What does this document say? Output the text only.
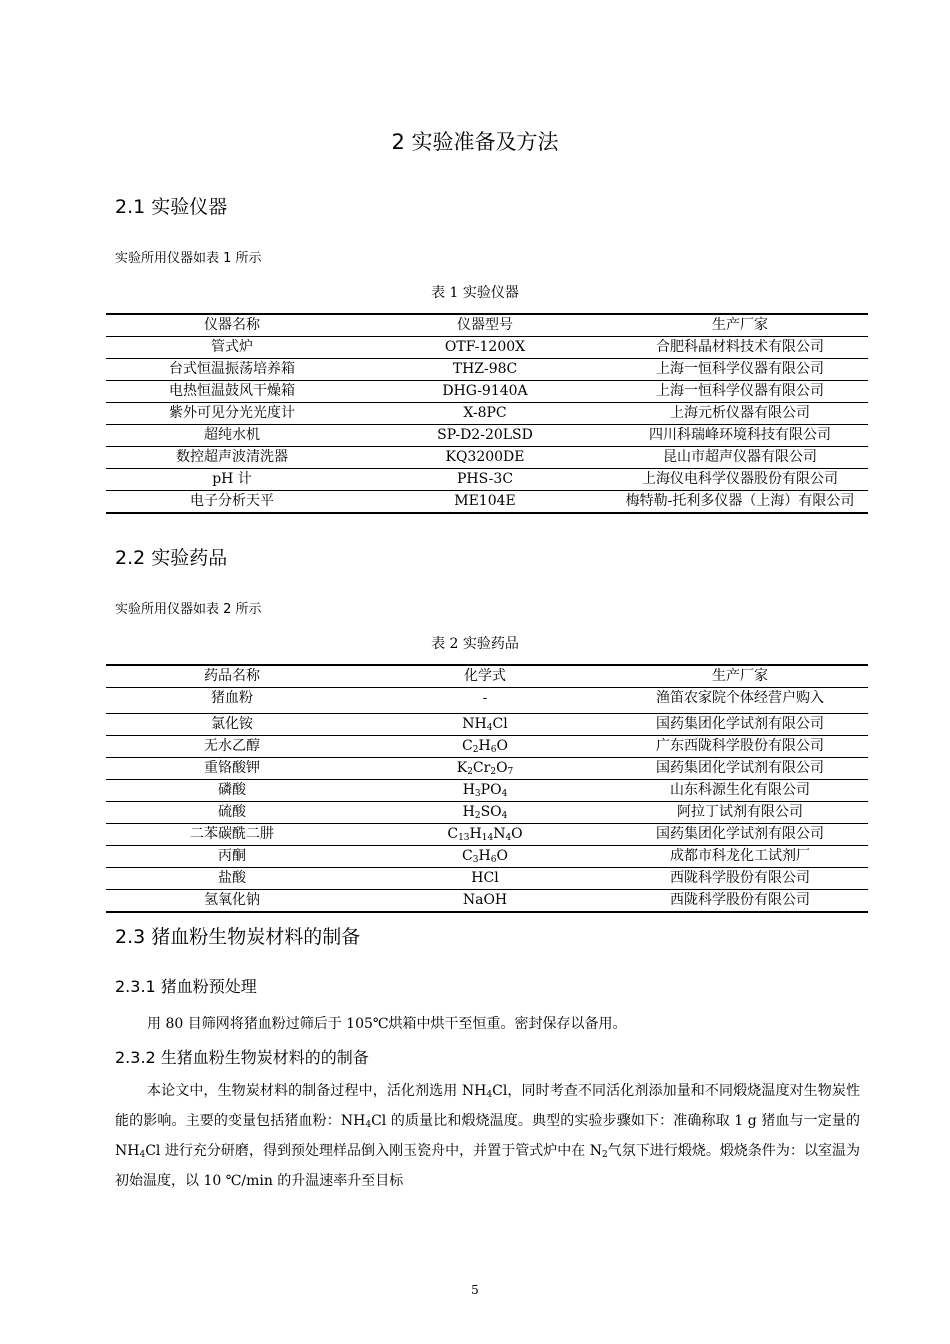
2 实验准备及方法
2.1 实验仪器
实验所用仪器如表 1 所示
表 1 实验仪器
仪器名称	仪器型号	生产厂家
管式炉	OTF-1200X	合肥科晶材料技术有限公司
台式恒温振荡培养箱	THZ-98C	上海一恒科学仪器有限公司
电热恒温鼓风干燥箱	DHG-9140A	上海一恒科学仪器有限公司
紫外可见分光光度计	X-8PC	上海元析仪器有限公司
超纯水机	SP-D2-20LSD	四川科瑞峰环境科技有限公司
数控超声波清洗器	KQ3200DE	昆山市超声仪器有限公司
pH 计	PHS-3C	上海仪电科学仪器股份有限公司
电子分析天平	ME104E	梅特勒-托利多仪器（上海）有限公司
2.2 实验药品
实验所用仪器如表 2 所示
表 2 实验药品
药品名称	化学式	生产厂家
猪血粉	-	渔笛农家院个体经营户购入
氯化铵	$NH_4Cl$	国药集团化学试剂有限公司
无水乙醇	$C_2H_6O$	广东西陇科学股份有限公司
重铬酸钾	$K_2Cr_2O_7$	国药集团化学试剂有限公司
磷酸	$H_3PO_4$	山东科源生化有限公司
硫酸	$H_2SO_4$	阿拉丁试剂有限公司
二苯碳酰二肼	$C_{13}H_{14}N_4O$	国药集团化学试剂有限公司
丙酮	$C_3H_6O$	成都市科龙化工试剂厂
盐酸	HCl	西陇科学股份有限公司
氢氧化钠	NaOH	西陇科学股份有限公司
2.3 猪血粉生物炭材料的制备
2.3.1 猪血粉预处理
用 80 目筛网将猪血粉过筛后于 105℃烘箱中烘干至恒重。密封保存以备用。
2.3.2 生猪血粉生物炭材料的的制备
本论文中，生物炭材料的制备过程中，活化剂选用 $NH_4Cl$，同时考查不同活化剂添加量和不同煅烧温度对生物炭性能的影响。主要的变量包括猪血粉：$NH_4Cl$ 的质量比和煅烧温度。典型的实验步骤如下：准确称取 1 g 猪血与一定量的 $NH_4Cl$ 进行充分研磨，得到预处理样品倒入刚玉瓷舟中，并置于管式炉中在 $N_2$气氛下进行煅烧。煅烧条件为：以室温为初始温度，以 10 ℃/min 的升温速率升至目标
5
